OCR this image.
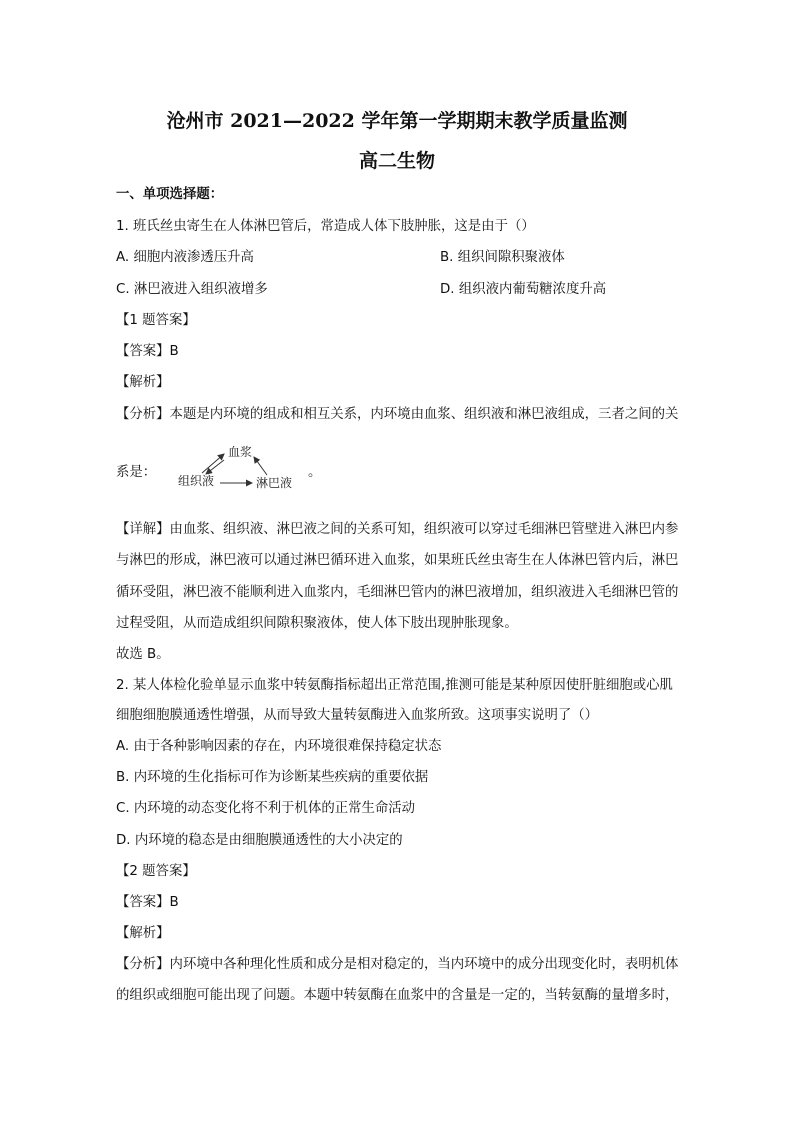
沧州市 2021—2022 学年第一学期期末教学质量监测
高二生物
一、单项选择题：
1. 班氏丝虫寄生在人体淋巴管后，常造成人体下肢肿胀，这是由于（）
A. 细胞内液渗透压升高	B. 组织间隙积聚液体
C. 淋巴液进入组织液增多	D. 组织液内葡萄糖浓度升高
【1 题答案】
【答案】B
【解析】
【分析】本题是内环境的组成和相互关系，内环境由血浆、组织液和淋巴液组成，三者之间的关
系是：
血浆
组织液	淋巴液
。
【详解】由血浆、组织液、淋巴液之间的关系可知，组织液可以穿过毛细淋巴管壁进入淋巴内参
与淋巴的形成，淋巴液可以通过淋巴循环进入血浆，如果班氏丝虫寄生在人体淋巴管内后，淋巴
循环受阻，淋巴液不能顺利进入血浆内，毛细淋巴管内的淋巴液增加，组织液进入毛细淋巴管的
过程受阻，从而造成组织间隙积聚液体，使人体下肢出现肿胀现象。
故选 B。
2. 某人体检化验单显示血浆中转氨酶指标超出正常范围,推测可能是某种原因使肝脏细胞或心肌
细胞细胞膜通透性增强，从而导致大量转氨酶进入血浆所致。这项事实说明了（）
A. 由于各种影响因素的存在，内环境很难保持稳定状态
B. 内环境的生化指标可作为诊断某些疾病的重要依据
C. 内环境的动态变化将不利于机体的正常生命活动
D. 内环境的稳态是由细胞膜通透性的大小决定的
【2 题答案】
【答案】B
【解析】
【分析】内环境中各种理化性质和成分是相对稳定的，当内环境中的成分出现变化时，表明机体
的组织或细胞可能出现了问题。本题中转氨酶在血浆中的含量是一定的，当转氨酶的量增多时，
